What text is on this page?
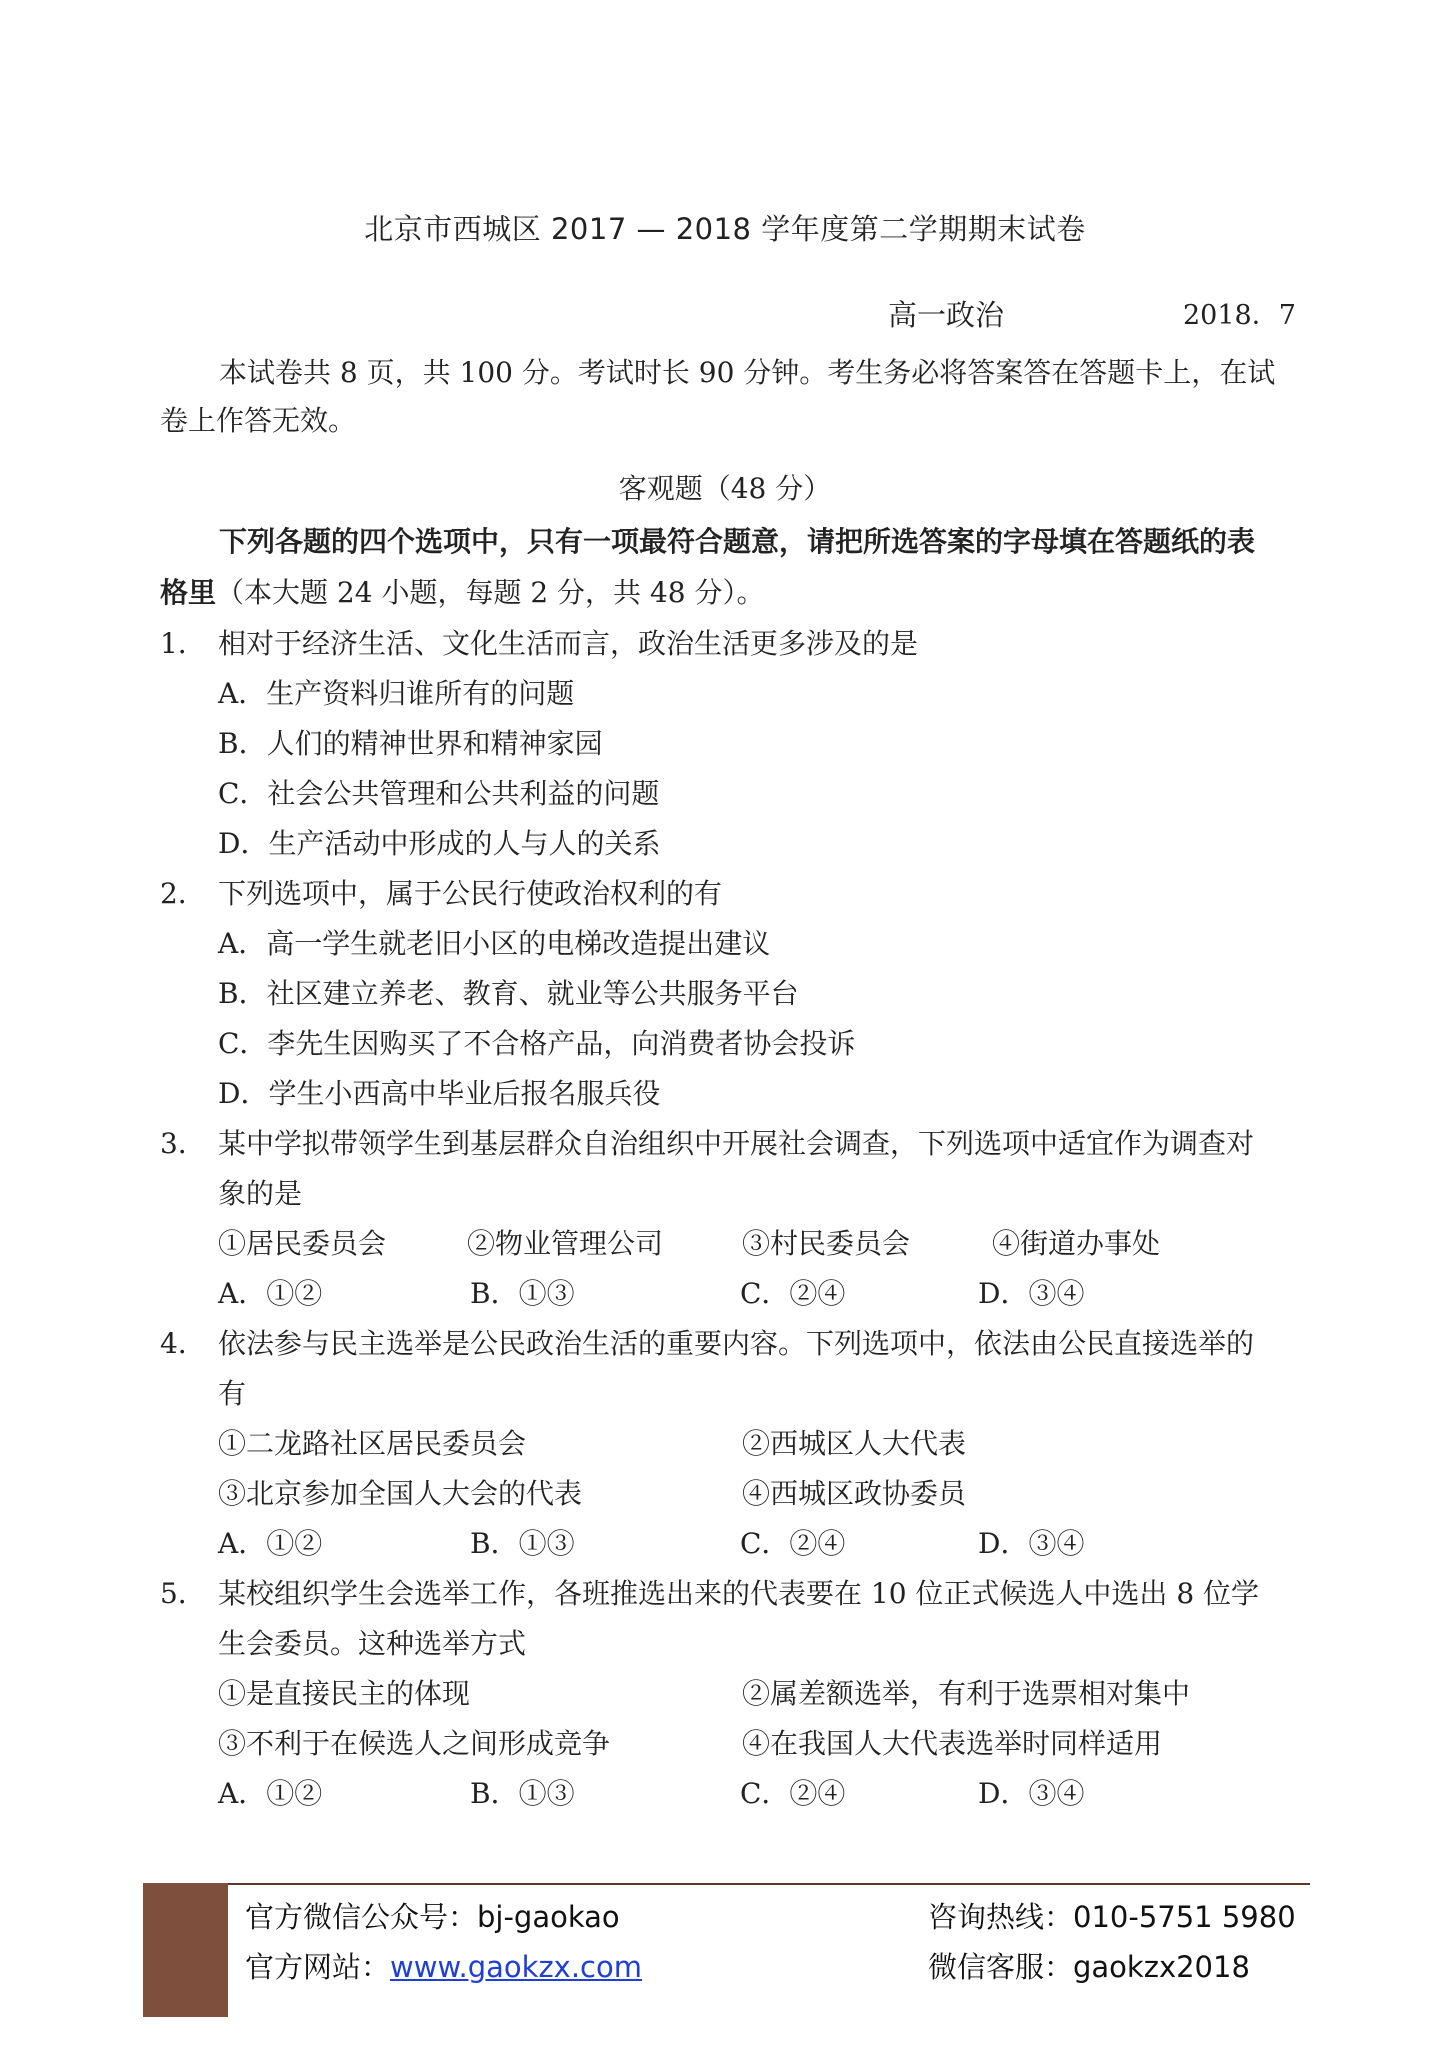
北京市西城区 2017 — 2018 学年度第二学期期末试卷
高一政治	2018．7
本试卷共 8 页，共 100 分。考试时长 90 分钟。考生务必将答案答在答题卡上，在试
卷上作答无效。
客观题（48 分）
下列各题的四个选项中，只有一项最符合题意，请把所选答案的字母填在答题纸的表
格里（本大题 24 小题，每题 2 分，共 48 分）。
1． 相对于经济生活、文化生活而言，政治生活更多涉及的是
A．生产资料归谁所有的问题
B．人们的精神世界和精神家园
C．社会公共管理和公共利益的问题
D．生产活动中形成的人与人的关系
2． 下列选项中，属于公民行使政治权利的有
A．高一学生就老旧小区的电梯改造提出建议
B．社区建立养老、教育、就业等公共服务平台
C．李先生因购买了不合格产品，向消费者协会投诉
D．学生小西高中毕业后报名服兵役
3． 某中学拟带领学生到基层群众自治组织中开展社会调查，下列选项中适宜作为调查对
象的是
①居民委员会	②物业管理公司	③村民委员会	④街道办事处
A．①②	B．①③	C．②④	D．③④
4． 依法参与民主选举是公民政治生活的重要内容。下列选项中，依法由公民直接选举的
有
①二龙路社区居民委员会	②西城区人大代表
③北京参加全国人大会的代表	④西城区政协委员
A．①②	B．①③	C．②④	D．③④
5． 某校组织学生会选举工作，各班推选出来的代表要在 10 位正式候选人中选出 8 位学
生会委员。这种选举方式
①是直接民主的体现	②属差额选举，有利于选票相对集中
③不利于在候选人之间形成竞争	④在我国人大代表选举时同样适用
A．①②	B．①③	C．②④	D．③④
官方微信公众号：bj-gaokao
官方网站：www.gaokzx.com
咨询热线：010-5751 5980
微信客服：gaokzx2018
